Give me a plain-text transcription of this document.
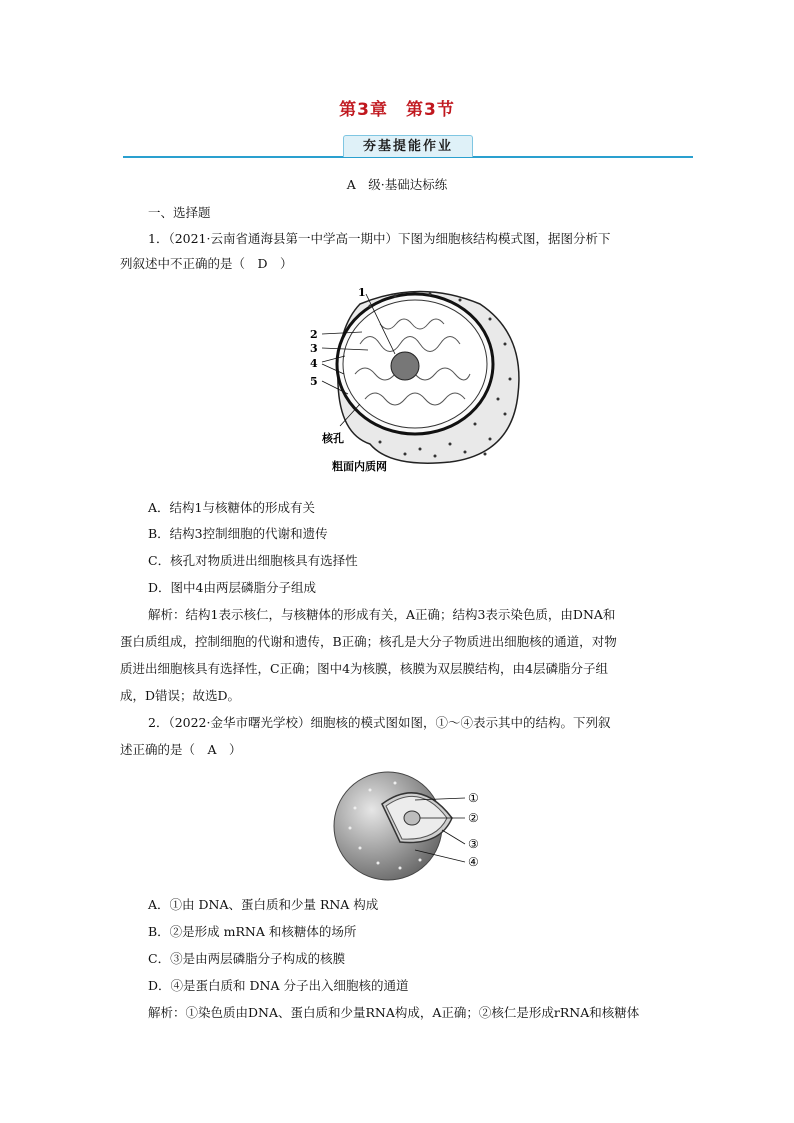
第3章　第3节
夯基提能作业
A　级·基础达标练
一、选择题
1．（2021·云南省通海县第一中学高一期中）下图为细胞核结构模式图，据图分析下
列叙述中不正确的是（　D　）
1
2
3
4
5
核孔
粗面内质网
A．结构1与核糖体的形成有关
B．结构3控制细胞的代谢和遗传
C．核孔对物质进出细胞核具有选择性
D．图中4由两层磷脂分子组成
解析：结构1表示核仁，与核糖体的形成有关，A正确；结构3表示染色质，由DNA和
蛋白质组成，控制细胞的代谢和遗传，B正确；核孔是大分子物质进出细胞核的通道，对物
质进出细胞核具有选择性，C正确；图中4为核膜，核膜为双层膜结构，由4层磷脂分子组
成，D错误；故选D。
2．（2022·金华市曙光学校）细胞核的模式图如图，①～④表示其中的结构。下列叙
述正确的是（　A　）
①
②
③
④
A．①由 DNA、蛋白质和少量 RNA 构成
B．②是形成 mRNA 和核糖体的场所
C．③是由两层磷脂分子构成的核膜
D．④是蛋白质和 DNA 分子出入细胞核的通道
解析：①染色质由DNA、蛋白质和少量RNA构成，A正确；②核仁是形成rRNA和核糖体
